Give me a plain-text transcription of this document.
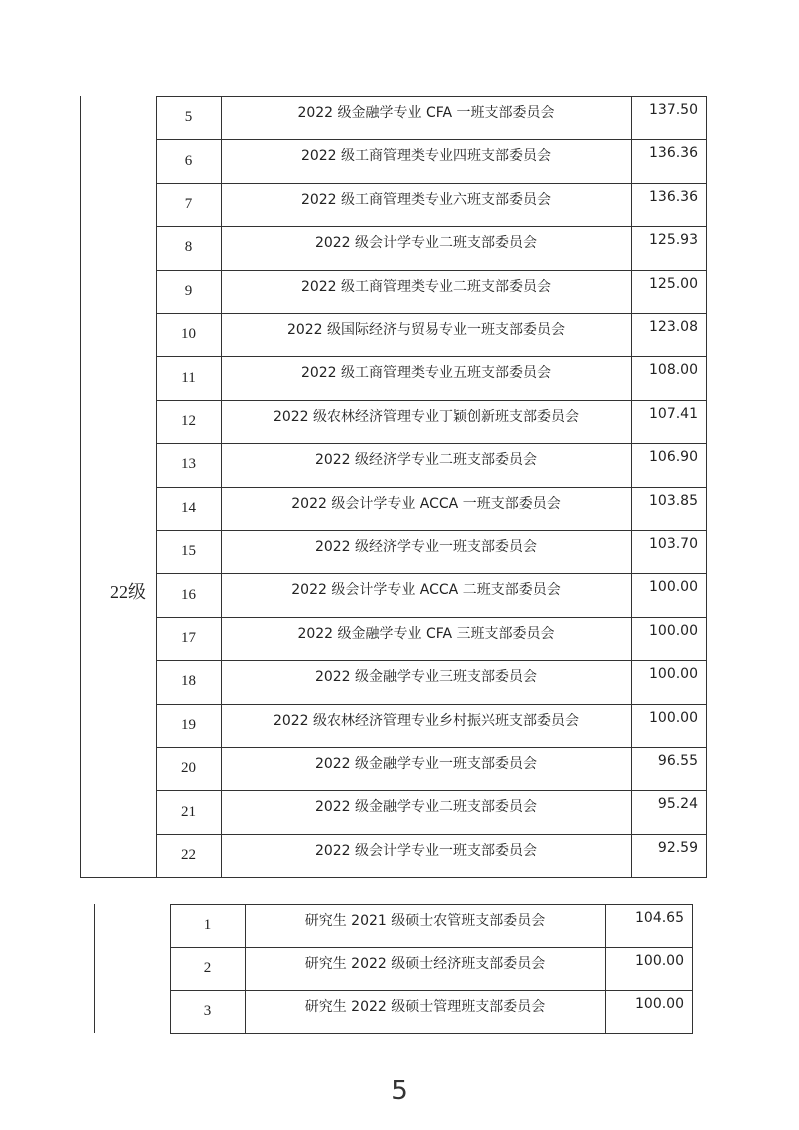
5
5	2022 级金融学专业 CFA 一班支部委员会	137.50
6	2022 级工商管理类专业四班支部委员会	136.36
7	2022 级工商管理类专业六班支部委员会	136.36
8	2022 级会计学专业二班支部委员会	125.93
9	2022 级工商管理类专业二班支部委员会	125.00
10	2022 级国际经济与贸易专业一班支部委员会	123.08
11	2022 级工商管理类专业五班支部委员会	108.00
12	2022 级农林经济管理专业丁颖创新班支部委员会	107.41
13	2022 级经济学专业二班支部委员会	106.90
14	2022 级会计学专业 ACCA 一班支部委员会	103.85
15	2022 级经济学专业一班支部委员会	103.70
16	2022 级会计学专业 ACCA 二班支部委员会	100.00
17	2022 级金融学专业 CFA 三班支部委员会	100.00
18	2022 级金融学专业三班支部委员会	100.00
19	2022 级农林经济管理专业乡村振兴班支部委员会	100.00
20	2022 级金融学专业一班支部委员会	96.55
21	2022 级金融学专业二班支部委员会	95.24
22	2022 级会计学专业一班支部委员会	92.59
1	研究生 2021 级硕士农管班支部委员会	104.65
2	研究生 2022 级硕士经济班支部委员会	100.00
3	研究生 2022 级硕士管理班支部委员会	100.00
22级
